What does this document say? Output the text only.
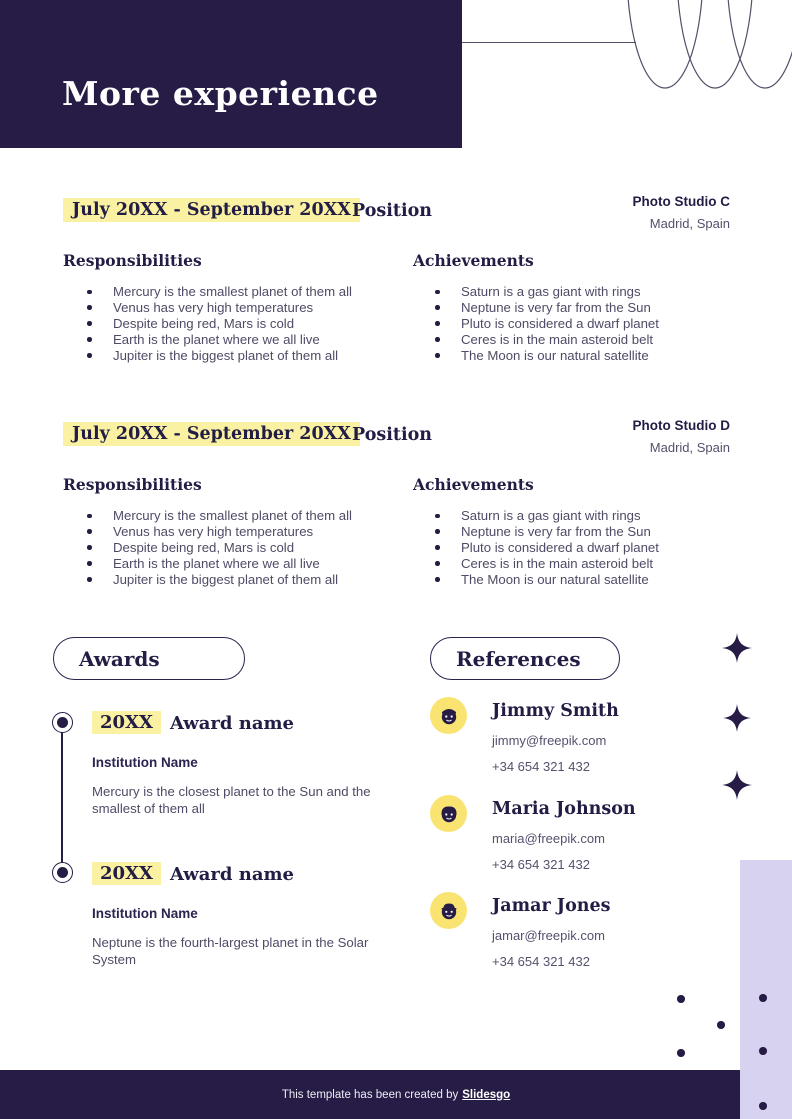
More experience
July 20XX - September 20XX Position	Photo Studio C
Madrid, Spain
Responsibilities	Achievements
Mercury is the smallest planet of them all
Venus has very high temperatures
Despite being red, Mars is cold
Earth is the planet where we all live
Jupiter is the biggest planet of them all
Saturn is a gas giant with rings
Neptune is very far from the Sun
Pluto is considered a dwarf planet
Ceres is in the main asteroid belt
The Moon is our natural satellite
July 20XX - September 20XX Position	Photo Studio D
Madrid, Spain
Responsibilities	Achievements
Mercury is the smallest planet of them all
Venus has very high temperatures
Despite being red, Mars is cold
Earth is the planet where we all live
Jupiter is the biggest planet of them all
Saturn is a gas giant with rings
Neptune is very far from the Sun
Pluto is considered a dwarf planet
Ceres is in the main asteroid belt
The Moon is our natural satellite
Awards
20XX Award name
Institution Name
Mercury is the closest planet to the Sun and the smallest of them all
20XX Award name
Institution Name
Neptune is the fourth-largest planet in the Solar System
References
Jimmy Smith
jimmy@freepik.com
+34 654 321 432
Maria Johnson
maria@freepik.com
+34 654 321 432
Jamar Jones
jamar@freepik.com
+34 654 321 432
This template has been created by Slidesgo
